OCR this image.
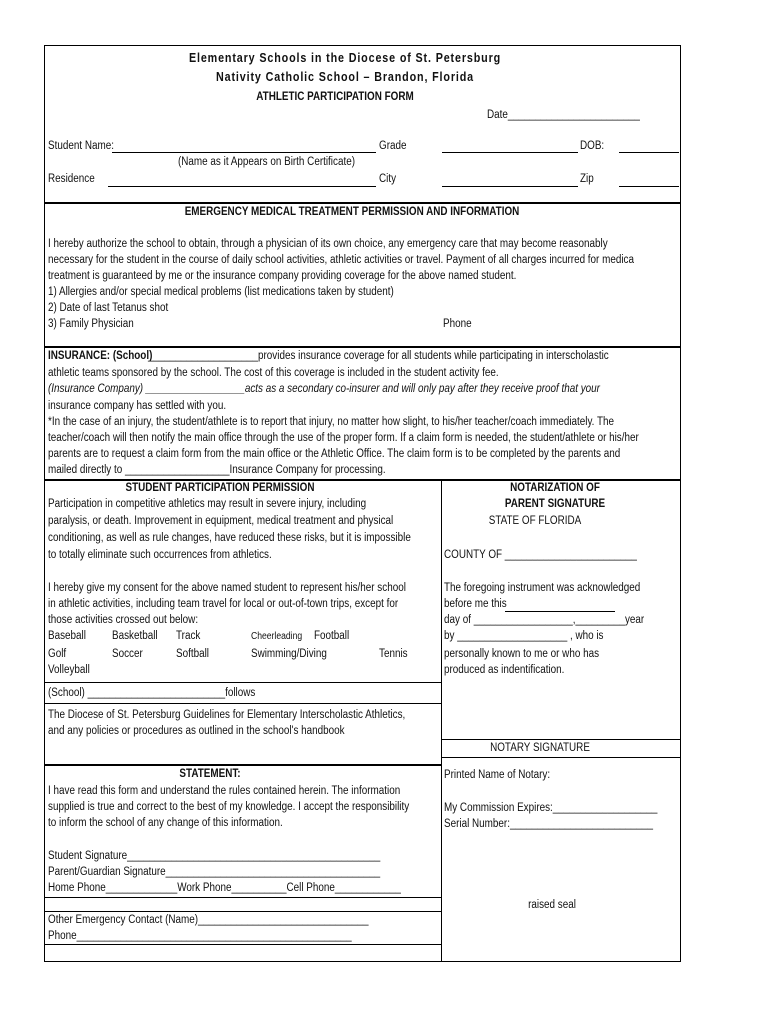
Elementary Schools in the Diocese of St. Petersburg
Nativity Catholic School – Brandon, Florida
ATHLETIC PARTICIPATION FORM
Date________________________
Student Name:	Grade	DOB:
(Name as it Appears on Birth Certificate)
Residence	City	Zip
EMERGENCY MEDICAL TREATMENT PERMISSION AND INFORMATION
I hereby authorize the school to obtain, through a physician of its own choice, any emergency care that may become reasonably
necessary for the student in the course of daily school activities, athletic activities or travel. Payment of all charges incurred for medica
treatment is guaranteed by me or the insurance company providing coverage for the above named student.
1) Allergies and/or special medical problems (list medications taken by student)
2) Date of last Tetanus shot
3) Family Physician	Phone
INSURANCE: (School)
____________________provides insurance coverage for all students while participating in interscholastic
athletic teams sponsored by the school. The cost of this coverage is included in the student activity fee.
(Insurance Company) __________________acts as a secondary co-insurer and will only pay after they receive proof that your
insurance company has settled with you.
*In the case of an injury, the student/athlete is to report that injury, no matter how slight, to his/her teacher/coach immediately. The
teacher/coach will then notify the main office through the use of the proper form. If a claim form is needed, the student/athlete or his/her
parents are to request a claim form from the main office or the Athletic Office. The claim form is to be completed by the parents and
mailed directly to ___________________Insurance Company for processing.
STUDENT PARTICIPATION PERMISSION
Participation in competitive athletics may result in severe injury, including
paralysis, or death. Improvement in equipment, medical treatment and physical
conditioning, as well as rule changes, have reduced these risks, but it is impossible
to totally eliminate such occurrences from athletics.
I hereby give my consent for the above named student to represent his/her school
in athletic activities, including team travel for local or out-of-town trips, except for
those activities crossed out below:
Baseball Basketball Track	Cheerleading Football
Golf	Soccer	Softball	Swimming/Diving	Tennis
Volleyball
(School) _________________________follows
The Diocese of St. Petersburg Guidelines for Elementary Interscholastic Athletics,
and any policies or procedures as outlined in the school's handbook
STATEMENT:
I have read this form and understand the rules contained herein. The information
supplied is true and correct to the best of my knowledge. I accept the responsibility
to inform the school of any change of this information.
Student Signature______________________________________________
Parent/Guardian Signature_______________________________________
Home Phone_____________Work Phone__________Cell Phone____________
Other Emergency Contact (Name)_______________________________
Phone__________________________________________________
NOTARIZATION OF
PARENT SIGNATURE
STATE OF FLORIDA
COUNTY OF ________________________
The foregoing instrument was acknowledged
before me this
day of __________________,_________year
by ____________________ , who is
personally known to me or who has
produced as indentification.
NOTARY SIGNATURE
Printed Name of Notary:
My Commission Expires:___________________
Serial Number:__________________________
raised seal
